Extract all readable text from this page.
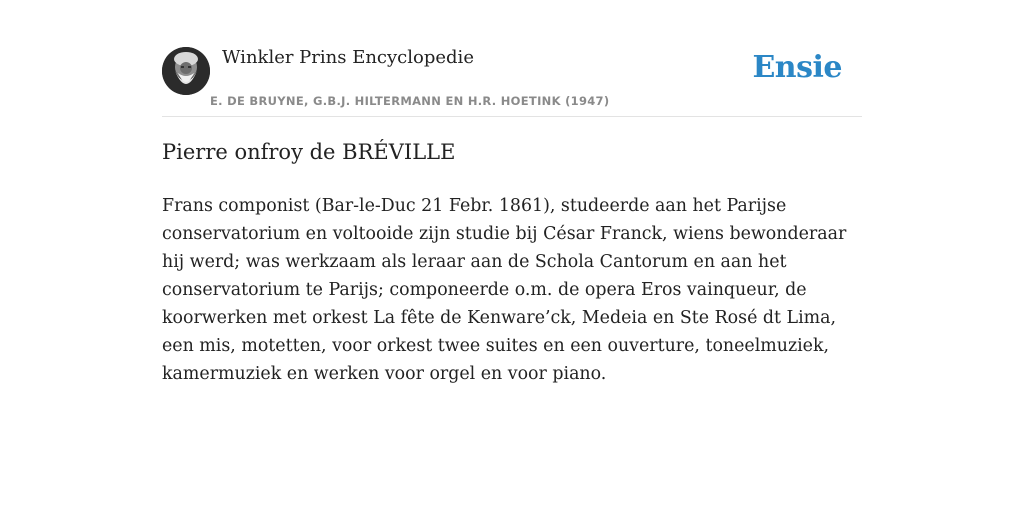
Winkler Prins Encyclopedie
E. DE BRUYNE, G.B.J. HILTERMANN EN H.R. HOETINK (1947)
Ensie
Pierre onfroy de BRÉVILLE

Frans componist (Bar-le-Duc 21 Febr. 1861), studeerde aan het Parijse conservatorium en voltooide zijn studie bij César Franck, wiens bewonderaar hij werd; was werkzaam als leraar aan de Schola Cantorum en aan het conservatorium te Parijs; componeerde o.m. de opera Eros vainqueur, de koorwerken met orkest La fête de Kenware’ck, Medeia en Ste Rosé dt Lima, een mis, motetten, voor orkest twee suites en een ouverture, toneelmuziek, kamermuziek en werken voor orgel en voor piano.
